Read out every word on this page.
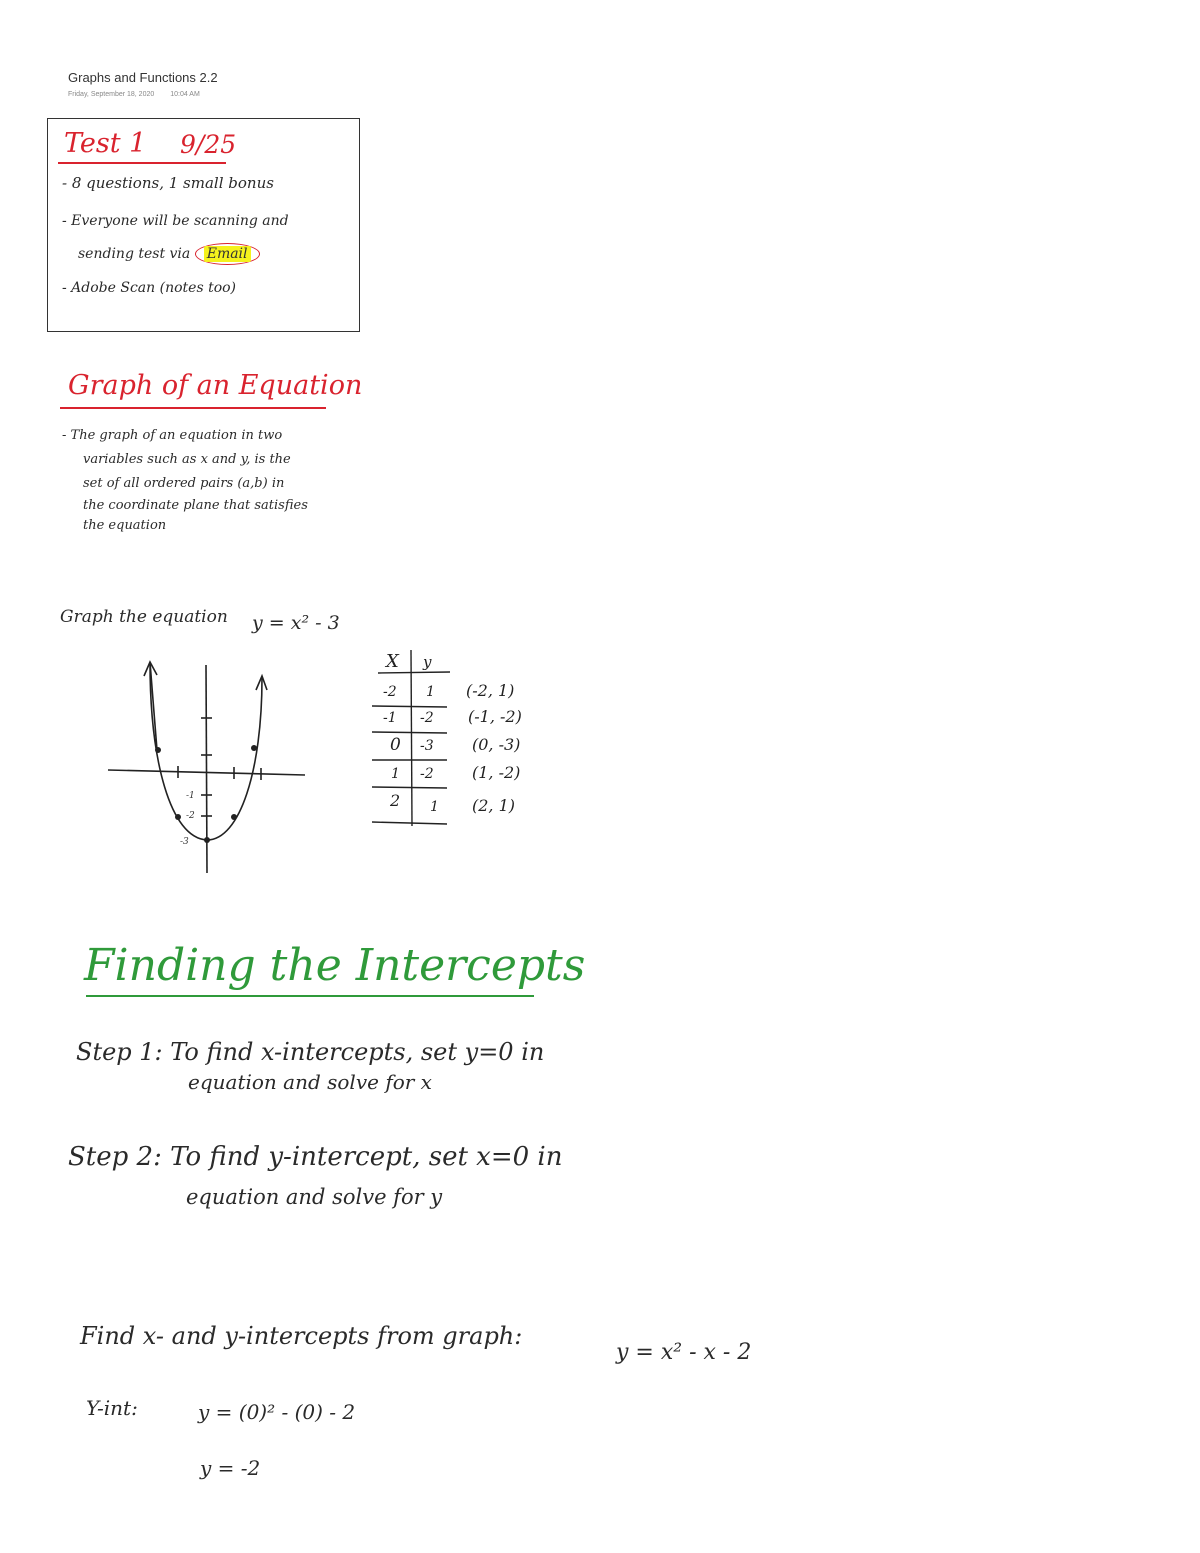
Graphs and Functions 2.2
Friday, September 18, 2020 10:04 AM
Test 1 9/25
- 8 questions, 1 small bonus
- Everyone will be scanning and
sending test via Email
- Adobe Scan (notes too)
Graph of an Equation
- The graph of an equation in two
variables such as x and y, is the
set of all ordered pairs (a,b) in
the coordinate plane that satisfies
the equation
Graph the equation y = x² - 3
-1
-2
-3
X y
-2 1
-1 -2
0 -3
1 -2
2 1
(-2, 1)
(-1, -2)
(0, -3)
(1, -2)
(2, 1)
Finding the Intercepts
Step 1: To find x-intercepts, set y=0 in
equation and solve for x
Step 2: To find y-intercept, set x=0 in
equation and solve for y
Find x- and y-intercepts from graph:
y = x² - x - 2
Y-int:	y = (0)² - (0) - 2
y = -2
